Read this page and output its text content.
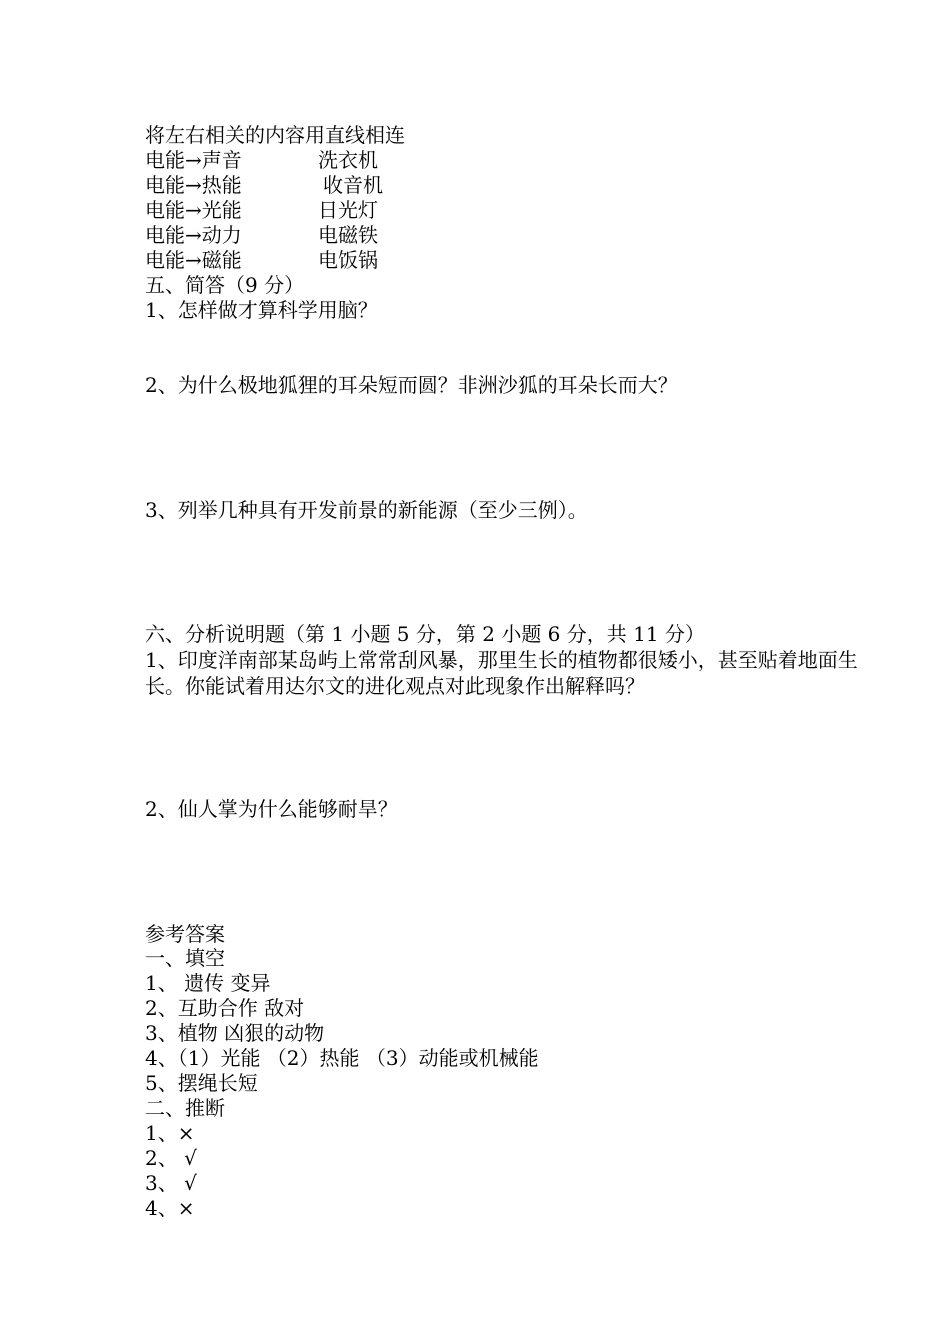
将左右相关的内容用直线相连
电能→声音	洗衣机
电能→热能	收音机
电能→光能	日光灯
电能→动力	电磁铁
电能→磁能	电饭锅
五、简答（9 分）
1、怎样做才算科学用脑？
2、为什么极地狐狸的耳朵短而圆？非洲沙狐的耳朵长而大？
3、列举几种具有开发前景的新能源（至少三例）。
六、分析说明题（第 1 小题 5 分，第 2 小题 6 分，共 11 分）
1、印度洋南部某岛屿上常常刮风暴，那里生长的植物都很矮小，甚至贴着地面生长。你能试着用达尔文的进化观点对此现象作出解释吗？
2、仙人掌为什么能够耐旱？
参考答案
一、填空
1、 遗传 变异
2、互助合作 敌对
3、植物 凶狠的动物
4、（1）光能 （2）热能 （3）动能或机械能
5、摆绳长短
二、推断
1、×
2、 √
3、 √
4、×
